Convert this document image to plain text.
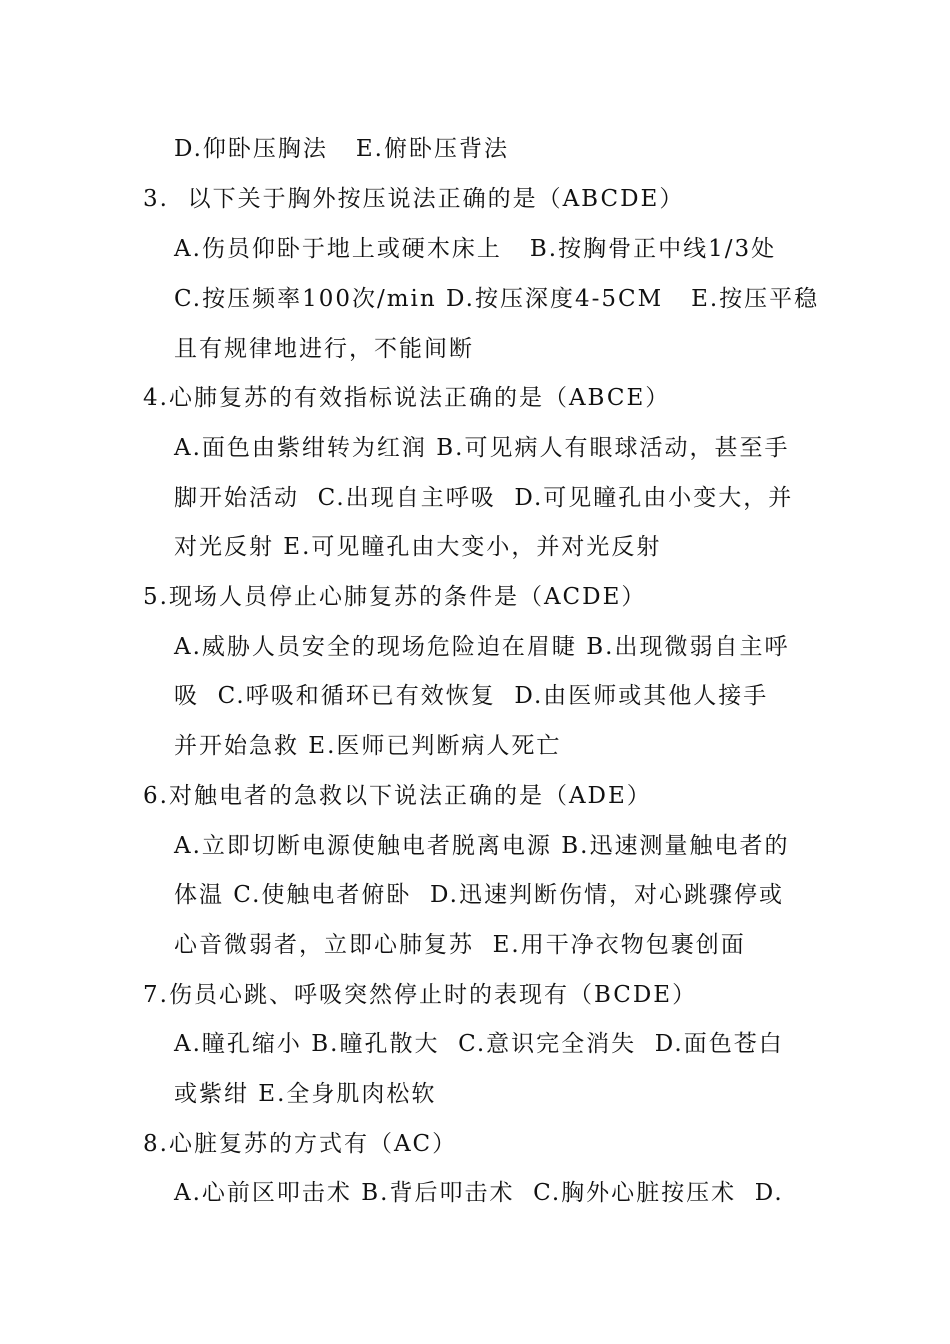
D.仰卧压胸法   E.俯卧压背法
3.  以下关于胸外按压说法正确的是（ABCDE）
A.伤员仰卧于地上或硬木床上   B.按胸骨正中线1/3处
C.按压频率100次/min D.按压深度4-5CM   E.按压平稳
且有规律地进行，不能间断
4.心肺复苏的有效指标说法正确的是（ABCE）
A.面色由紫绀转为红润 B.可见病人有眼球活动，甚至手
脚开始活动  C.出现自主呼吸  D.可见瞳孔由小变大，并
对光反射 E.可见瞳孔由大变小，并对光反射
5.现场人员停止心肺复苏的条件是（ACDE）
A.威胁人员安全的现场危险迫在眉睫 B.出现微弱自主呼
吸  C.呼吸和循环已有效恢复  D.由医师或其他人接手
并开始急救 E.医师已判断病人死亡
6.对触电者的急救以下说法正确的是（ADE）
A.立即切断电源使触电者脱离电源 B.迅速测量触电者的
体温 C.使触电者俯卧  D.迅速判断伤情，对心跳骤停或
心音微弱者，立即心肺复苏  E.用干净衣物包裹创面
7.伤员心跳、呼吸突然停止时的表现有（BCDE）
A.瞳孔缩小 B.瞳孔散大  C.意识完全消失  D.面色苍白
或紫绀 E.全身肌肉松软
8.心脏复苏的方式有（AC）
A.心前区叩击术 B.背后叩击术  C.胸外心脏按压术  D.
